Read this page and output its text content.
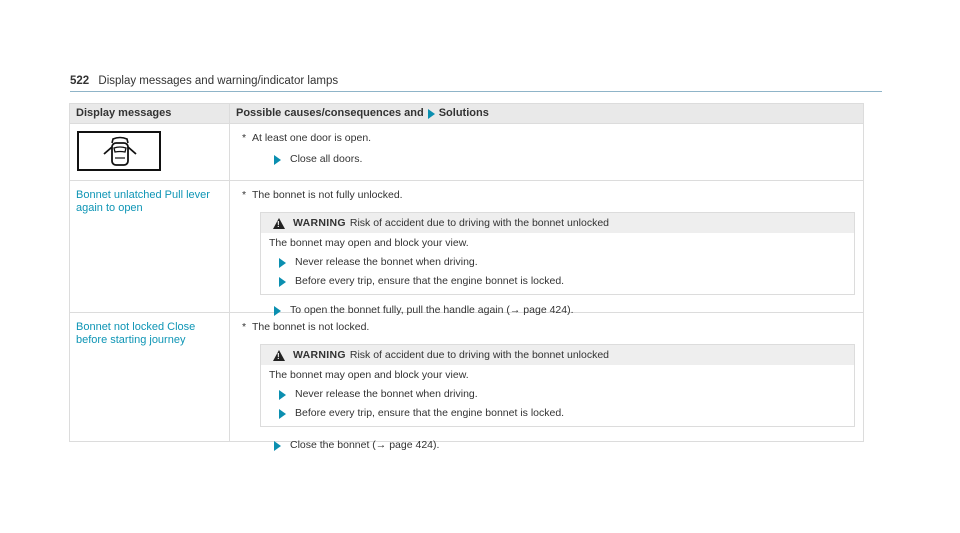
522 Display messages and warning/indicator lamps
Display messages	Possible causes/consequences and Solutions
* At least one door is open.
Close all doors.
Bonnet unlatched Pull lever again to open
* The bonnet is not fully unlocked.
! WARNING Risk of accident due to driving with the bonnet unlocked
The bonnet may open and block your view.
Never release the bonnet when driving.
Before every trip, ensure that the engine bonnet is locked.
To open the bonnet fully, pull the handle again (→ page 424).
Bonnet not locked Close before starting journey
* The bonnet is not locked.
! WARNING Risk of accident due to driving with the bonnet unlocked
The bonnet may open and block your view.
Never release the bonnet when driving.
Before every trip, ensure that the engine bonnet is locked.
Close the bonnet (→ page 424).
